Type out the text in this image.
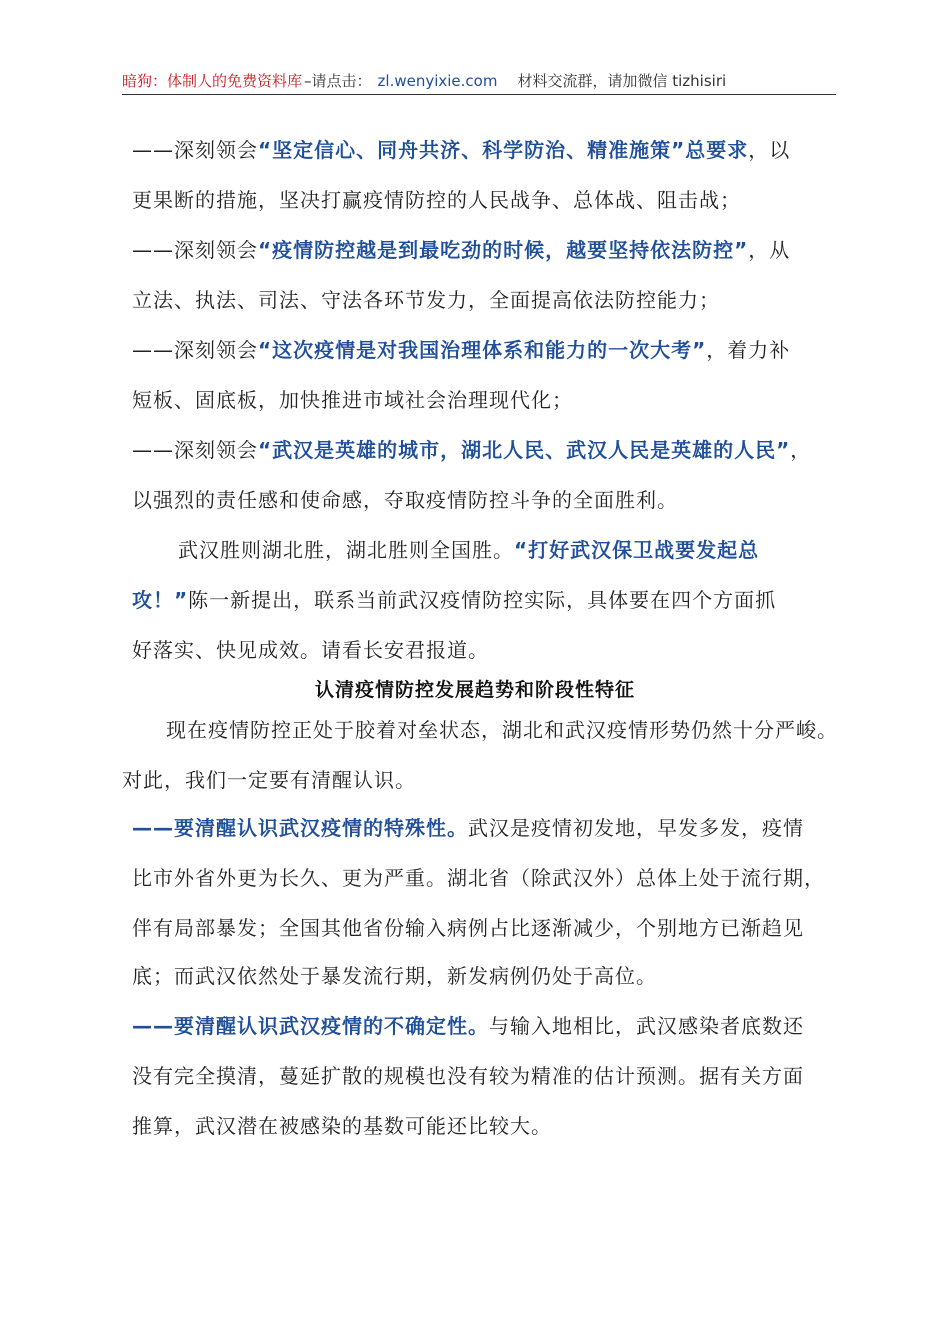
暗狗：体制人的免费资料库 –请点击： zl.wenyixie.com 材料交流群，请加微信 tizhisiri
——深刻领会“坚定信心、同舟共济、科学防治、精准施策”总要求，以
更果断的措施，坚决打赢疫情防控的人民战争、总体战、阻击战；
——深刻领会“疫情防控越是到最吃劲的时候，越要坚持依法防控”，从
立法、执法、司法、守法各环节发力，全面提高依法防控能力；
——深刻领会“这次疫情是对我国治理体系和能力的一次大考”，着力补
短板、固底板，加快推进市域社会治理现代化；
——深刻领会“武汉是英雄的城市，湖北人民、武汉人民是英雄的人民”，
以强烈的责任感和使命感，夺取疫情防控斗争的全面胜利。
武汉胜则湖北胜，湖北胜则全国胜。“打好武汉保卫战要发起总
攻！”陈一新提出，联系当前武汉疫情防控实际，具体要在四个方面抓
好落实、快见成效。请看长安君报道。
认清疫情防控发展趋势和阶段性特征
现在疫情防控正处于胶着对垒状态，湖北和武汉疫情形势仍然十分严峻。
对此，我们一定要有清醒认识。
——要清醒认识武汉疫情的特殊性。武汉是疫情初发地，早发多发，疫情
比市外省外更为长久、更为严重。湖北省（除武汉外）总体上处于流行期，
伴有局部暴发；全国其他省份输入病例占比逐渐减少，个别地方已渐趋见
底；而武汉依然处于暴发流行期，新发病例仍处于高位。
——要清醒认识武汉疫情的不确定性。与输入地相比，武汉感染者底数还
没有完全摸清，蔓延扩散的规模也没有较为精准的估计预测。据有关方面
推算，武汉潜在被感染的基数可能还比较大。
